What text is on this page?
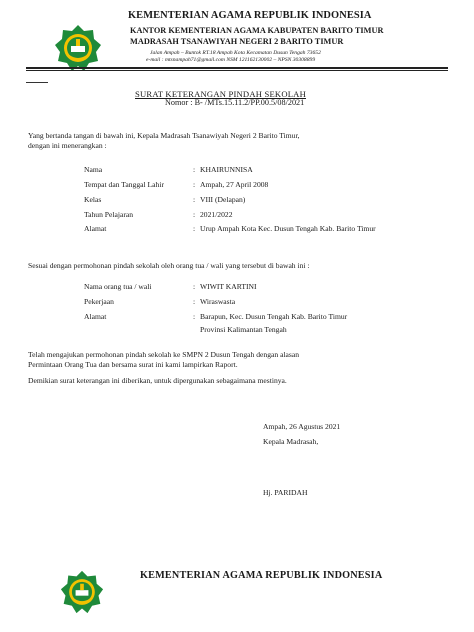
KEMENTERIAN AGAMA REPUBLIK INDONESIA
KANTOR KEMENTERIAN AGAMA KABUPATEN BARITO TIMUR
MADRASAH TSANAWIYAH NEGERI 2 BARITO TIMUR
Jalan Ampah – Buntok RT.18 Ampah Kota Kecamatan Dusun Tengah 73652
e-mail : mtsnampah71@gmail.com NSM 121162130002 – NPSN 30308899
SURAT KETERANGAN PINDAH SEKOLAH
Nomor : B- /MTs.15.11.2/PP.00.5/08/2021
Yang bertanda tangan di bawah ini, Kepala Madrasah Tsanawiyah Negeri 2 Barito Timur,
dengan ini menerangkan :
Nama	: KHAIRUNNISA
Tempat dan Tanggal Lahir	: Ampah, 27 April 2008
Kelas	: VIII (Delapan)
Tahun Pelajaran	: 2021/2022
Alamat	: Urup Ampah Kota Kec. Dusun Tengah Kab. Barito Timur
Sesuai dengan permohonan pindah sekolah oleh orang tua / wali yang tersebut di bawah ini :
Nama orang tua / wali	: WIWIT KARTINI
Pekerjaan	: Wiraswasta
Alamat	: Barapun, Kec. Dusun Tengah Kab. Barito Timur
Provinsi Kalimantan Tengah
Telah mengajukan permohonan pindah sekolah ke SMPN 2 Dusun Tengah dengan alasan
Permintaan Orang Tua dan bersama surat ini kami lampirkan Raport.
Demikian surat keterangan ini diberikan, untuk dipergunakan sebagaimana mestinya.
Ampah, 26 Agustus 2021
Kepala Madrasah,
Hj. PARIDAH
KEMENTERIAN AGAMA REPUBLIK INDONESIA
